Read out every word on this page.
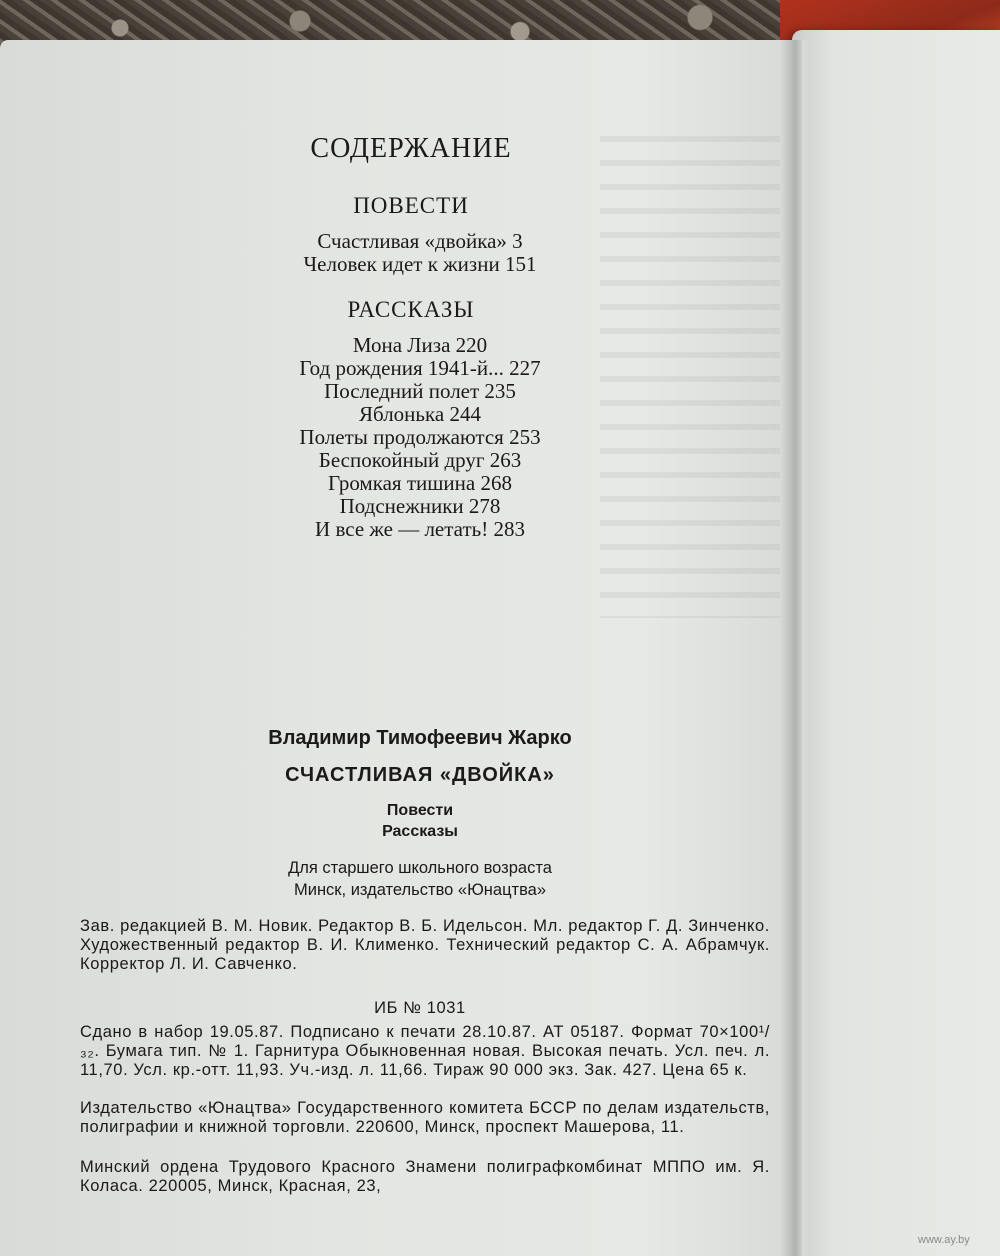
СОДЕРЖАНИЕ
ПОВЕСТИ
Счастливая «двойка» 3
Человек идет к жизни 151
РАССКАЗЫ
Мона Лиза 220
Год рождения 1941-й... 227
Последний полет 235
Яблонька 244
Полеты продолжаются 253
Беспокойный друг 263
Громкая тишина 268
Подснежники 278
И все же — летать! 283
Владимир Тимофеевич Жарко
СЧАСТЛИВАЯ «ДВОЙКА»
Повести
Рассказы
Для старшего школьного возраста
Минск, издательство «Юнацтва»
Зав. редакцией В. М. Новик. Редактор В. Б. Идельсон. Мл. редактор Г. Д. Зинченко. Художественный редактор В. И. Клименко. Технический редактор С. А. Абрамчук. Корректор Л. И. Савченко.
ИБ № 1031
Сдано в набор 19.05.87. Подписано к печати 28.10.87. АТ 05187. Формат 70×100¹/₃₂. Бумага тип. № 1. Гарнитура Обыкновенная новая. Высокая печать. Усл. печ. л. 11,70. Усл. кр.-отт. 11,93. Уч.-изд. л. 11,66. Тираж 90 000 экз. Зак. 427. Цена 65 к.
Издательство «Юнацтва» Государственного комитета БССР по делам издательств, полиграфии и книжной торговли. 220600, Минск, проспект Машерова, 11.
Минский ордена Трудового Красного Знамени полиграфкомбинат МППО им. Я. Коласа. 220005, Минск, Красная, 23,
www.ay.by
